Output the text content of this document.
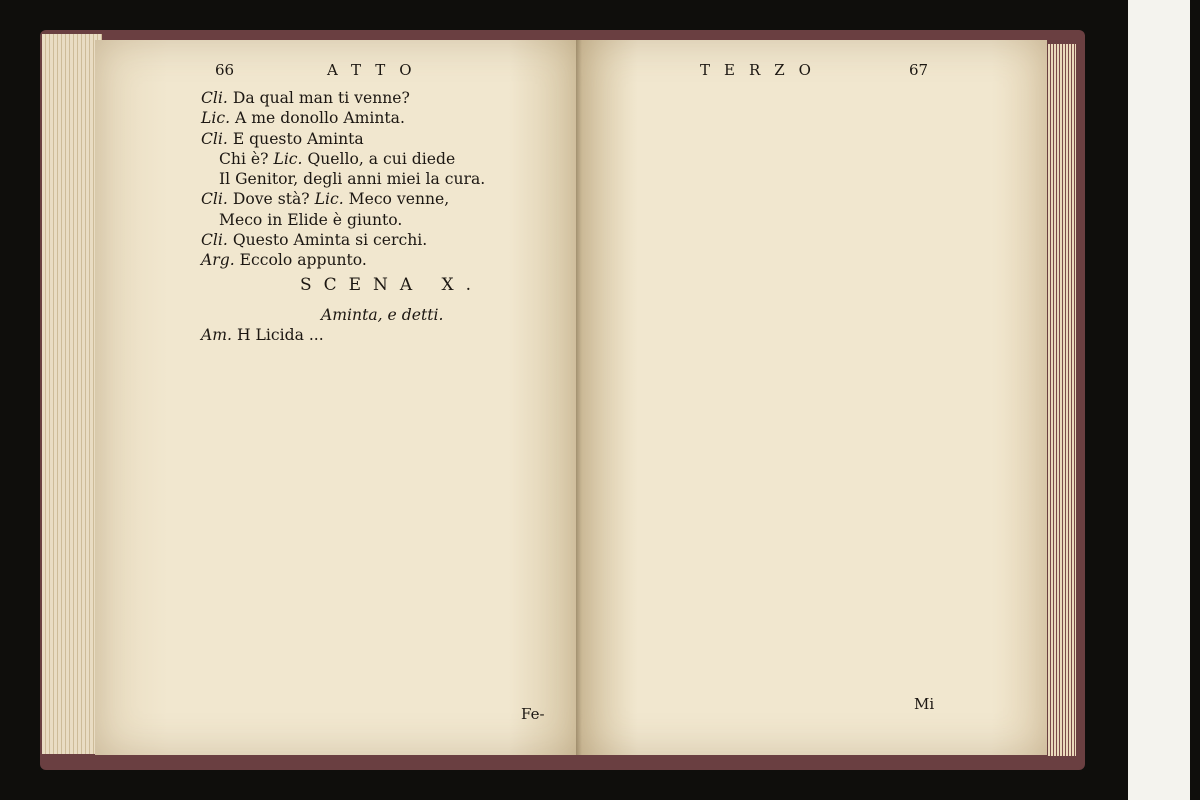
66	ATTO
Cli. Da qual man ti venne?
Lic. A me donollo Aminta.
Cli. E questo Aminta
Chi è? Lic. Quello, a cui diede
Il Genitor, degli anni miei la cura.
Cli. Dove stà? Lic. Meco venne,
Meco in Elide è giunto.
Cli. Questo Aminta si cerchi.
Arg. Eccolo appunto.
SCENA X.
Aminta, e detti.
Am. H Licida ...
Fe-
TERZO	67
Mi
